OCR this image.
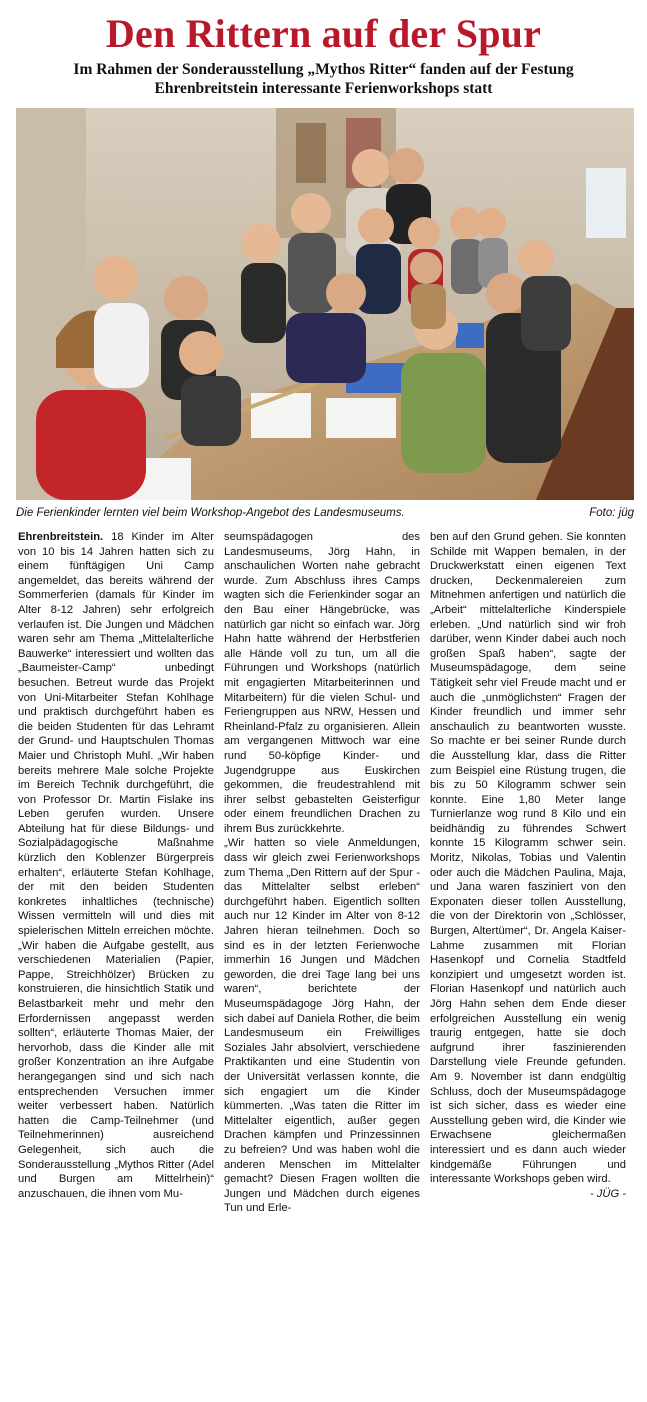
Den Rittern auf der Spur
Im Rahmen der Sonderausstellung „Mythos Ritter“ fanden auf der Festung
Ehrenbreitstein interessante Ferienworkshops statt
Die Ferienkinder lernten viel beim Workshop-Angebot des Landesmuseums.	Foto: jüg
Ehrenbreitstein. 18 Kinder im Alter von 10 bis 14 Jahren hatten sich zu einem fünftägigen Uni Camp angemeldet, das bereits während der Sommerferien (damals für Kinder im Alter 8-12 Jahren) sehr erfolgreich verlaufen ist. Die Jungen und Mädchen waren sehr am Thema „Mittelalterliche Bauwerke“ interessiert und wollten das „Baumeister-Camp“ unbedingt besuchen. Betreut wurde das Projekt von Uni-Mitarbeiter Stefan Kohlhage und praktisch durchgeführt haben es die beiden Studenten für das Lehramt der Grund- und Hauptschulen Thomas Maier und Christoph Muhl. „Wir haben bereits mehrere Male solche Projekte im Bereich Technik durchgeführt, die von Professor Dr. Martin Fislake ins Leben gerufen wurden. Unsere Abteilung hat für diese Bildungs- und Sozialpädagogische Maßnahme kürzlich den Koblenzer Bürgerpreis erhalten“, erläuterte Stefan Kohlhage, der mit den beiden Studenten konkretes inhaltliches (technische) Wissen vermitteln will und dies mit spielerischen Mitteln erreichen möchte. „Wir haben die Aufgabe gestellt, aus verschiedenen Materialien (Papier, Pappe, Streichhölzer) Brücken zu konstruieren, die hinsichtlich Statik und Belastbarkeit mehr und mehr den Erfordernissen angepasst werden sollten“, erläuterte Thomas Maier, der hervorhob, dass die Kinder alle mit großer Konzentration an ihre Aufgabe herangegangen sind und sich nach entsprechenden Versuchen immer weiter verbessert haben. Natürlich hatten die Camp-Teilnehmer (und Teilnehmerinnen) ausreichend Gelegenheit, sich auch die Sonderausstellung „Mythos Ritter (Adel und Burgen am Mittelrhein)“ anzuschauen, die ihnen vom Mu-
seumspädagogen des Landesmuseums, Jörg Hahn, in anschaulichen Worten nahe gebracht wurde. Zum Abschluss ihres Camps wagten sich die Ferienkinder sogar an den Bau einer Hängebrücke, was natürlich gar nicht so einfach war. Jörg Hahn hatte während der Herbstferien alle Hände voll zu tun, um all die Führungen und Workshops (natürlich mit engagierten Mitarbeiterinnen und Mitarbeitern) für die vielen Schul- und Feriengruppen aus NRW, Hessen und Rheinland-Pfalz zu organisieren. Allein am vergangenen Mittwoch war eine rund 50-köpfige Kinder- und Jugendgruppe aus Euskirchen gekommen, die freudestrahlend mit ihrer selbst gebastelten Geisterfigur oder einem freundlichen Drachen zu ihrem Bus zurückkehrte.
„Wir hatten so viele Anmeldungen, dass wir gleich zwei Ferienworkshops zum Thema „Den Rittern auf der Spur - das Mittelalter selbst erleben“ durchgeführt haben. Eigentlich sollten auch nur 12 Kinder im Alter von 8-12 Jahren hieran teilnehmen. Doch so sind es in der letzten Ferienwoche immerhin 16 Jungen und Mädchen geworden, die drei Tage lang bei uns waren“, berichtete der Museumspädagoge Jörg Hahn, der sich dabei auf Daniela Rother, die beim Landesmuseum ein Freiwilliges Soziales Jahr absolviert, verschiedene Praktikanten und eine Studentin von der Universität verlassen konnte, die sich engagiert um die Kinder kümmerten. „Was taten die Ritter im Mittelalter eigentlich, außer gegen Drachen kämpfen und Prinzessinnen zu befreien? Und was haben wohl die anderen Menschen im Mittelalter gemacht? Diesen Fragen wollten die Jungen und Mädchen durch eigenes Tun und Erle-
ben auf den Grund gehen. Sie konnten Schilde mit Wappen bemalen, in der Druckwerkstatt einen eigenen Text drucken, Deckenmalereien zum Mitnehmen anfertigen und natürlich die „Arbeit“ mittelalterliche Kinderspiele erleben. „Und natürlich sind wir froh darüber, wenn Kinder dabei auch noch großen Spaß haben“, sagte der Museumspädagoge, dem seine Tätigkeit sehr viel Freude macht und er auch die „unmöglichsten“ Fragen der Kinder freundlich und immer sehr anschaulich zu beantworten wusste. So machte er bei seiner Runde durch die Ausstellung klar, dass die Ritter zum Beispiel eine Rüstung trugen, die bis zu 50 Kilogramm schwer sein konnte. Eine 1,80 Meter lange Turnierlanze wog rund 8 Kilo und ein beidhändig zu führendes Schwert konnte 15 Kilogramm schwer sein. Moritz, Nikolas, Tobias und Valentin oder auch die Mädchen Paulina, Maja, und Jana waren fasziniert von den Exponaten dieser tollen Ausstellung, die von der Direktorin von „Schlösser, Burgen, Altertümer“, Dr. Angela Kaiser-Lahme zusammen mit Florian Hasenkopf und Cornelia Stadtfeld konzipiert und umgesetzt worden ist. Florian Hasenkopf und natürlich auch Jörg Hahn sehen dem Ende dieser erfolgreichen Ausstellung ein wenig traurig entgegen, hatte sie doch aufgrund ihrer faszinierenden Darstellung viele Freunde gefunden. Am 9. November ist dann endgültig Schluss, doch der Museumspädagoge ist sich sicher, dass es wieder eine Ausstellung geben wird, die Kinder wie Erwachsene gleichermaßen interessiert und es dann auch wieder kindgemäße Führungen und interessante Workshops geben wird.
- JÜG -
